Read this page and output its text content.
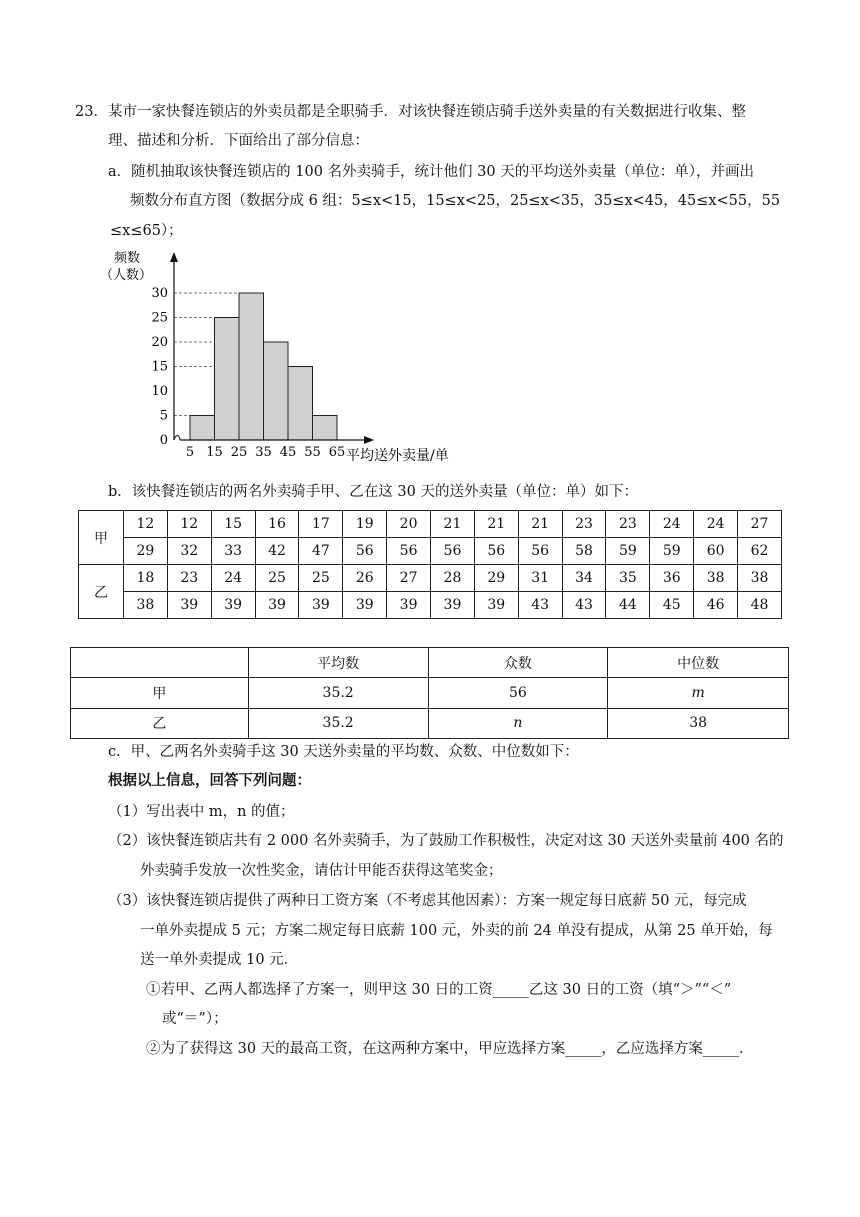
23．某市一家快餐连锁店的外卖员都是全职骑手．对该快餐连锁店骑手送外卖量的有关数据进行收集、整
理、描述和分析．下面给出了部分信息：
a．随机抽取该快餐连锁店的 100 名外卖骑手，统计他们 30 天的平均送外卖量（单位：单），并画出
频数分布直方图（数据分成 6 组：5≤x<15，15≤x<25，25≤x<35，35≤x<45，45≤x<55，55
≤x≤65）；
频数
（人数）
0
5
10
15
20
25
30
5 15 25 35 45 55 65 平均送外卖量/单
b．该快餐连锁店的两名外卖骑手甲、乙在这 30 天的送外卖量（单位：单）如下：
甲	12	12	15	16	17	19	20	21	21	21	23	23	24	24	27
	29	32	33	42	47	56	56	56	56	56	58	59	59	60	62
乙	18	23	24	25	25	26	27	28	29	31	34	35	36	38	38
	38	39	39	39	39	39	39	39	39	43	43	44	45	46	48
	平均数	众数	中位数
甲	35.2	56	m
乙	35.2	n	38
c．甲、乙两名外卖骑手这 30 天送外卖量的平均数、众数、中位数如下：
根据以上信息，回答下列问题：
（1）写出表中 m，n 的值；
（2）该快餐连锁店共有 2 000 名外卖骑手，为了鼓励工作积极性，决定对这 30 天送外卖量前 400 名的
外卖骑手发放一次性奖金，请估计甲能否获得这笔奖金；
（3）该快餐连锁店提供了两种日工资方案（不考虑其他因素）：方案一规定每日底薪 50 元，每完成
一单外卖提成 5 元；方案二规定每日底薪 100 元，外卖的前 24 单没有提成，从第 25 单开始，每
送一单外卖提成 10 元．
①若甲、乙两人都选择了方案一，则甲这 30 日的工资_____乙这 30 日的工资（填“＞”“＜”
或“＝”）；
②为了获得这 30 天的最高工资，在这两种方案中，甲应选择方案_____，乙应选择方案_____．
